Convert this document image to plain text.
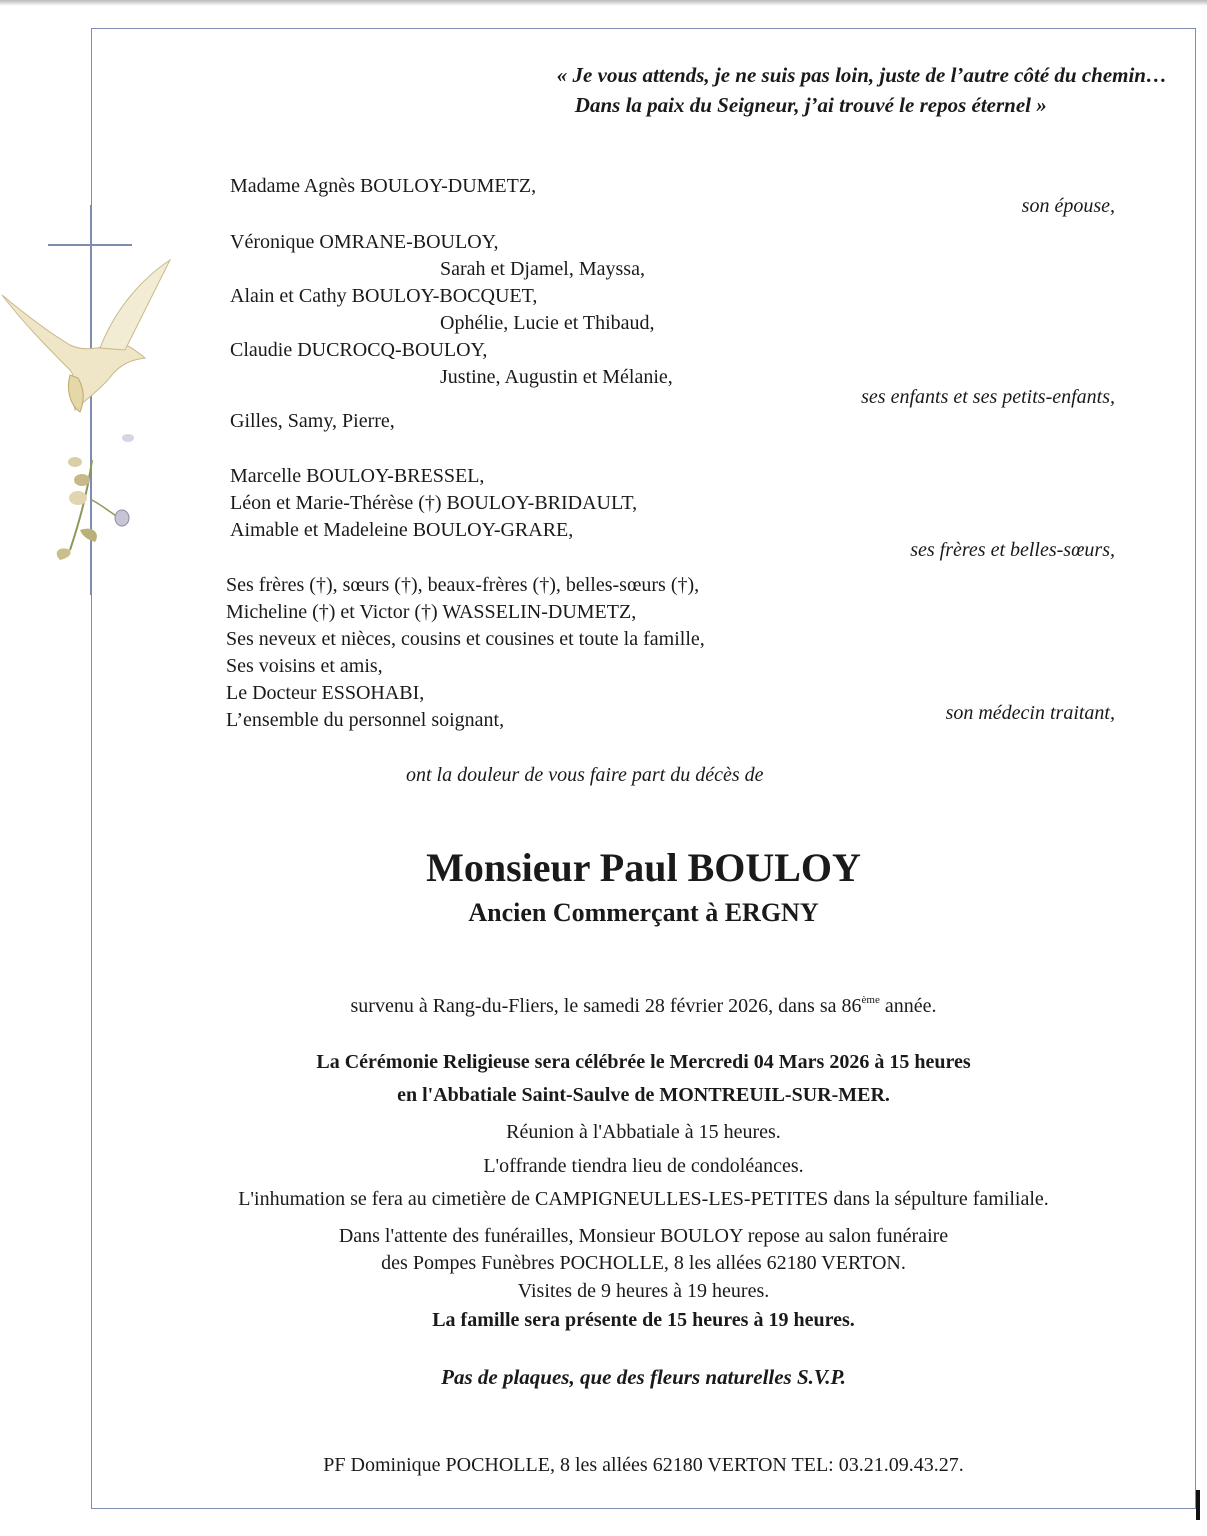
« Je vous attends, je ne suis pas loin, juste de l’autre côté du chemin…
Dans la paix du Seigneur, j’ai trouvé le repos éternel »

Madame Agnès BOULOY-DUMETZ,

son épouse,

Véronique OMRANE-BOULOY,

Sarah et Djamel, Mayssa,

Alain et Cathy BOULOY-BOCQUET,

Ophélie, Lucie et Thibaud,

Claudie DUCROCQ-BOULOY,

Justine, Augustin et Mélanie,

ses enfants et ses petits-enfants,

Gilles, Samy, Pierre,

Marcelle BOULOY-BRESSEL,

Léon et Marie-Thérèse (†) BOULOY-BRIDAULT,

Aimable et Madeleine BOULOY-GRARE,

ses frères et belles-sœurs,

Ses frères (†), sœurs (†), beaux-frères (†), belles-sœurs (†),

Micheline (†) et Victor (†) WASSELIN-DUMETZ,

Ses neveux et nièces, cousins et cousines et toute la famille,

Ses voisins et amis,

Le Docteur ESSOHABI,

son médecin traitant,

L’ensemble du personnel soignant,

ont la douleur de vous faire part du décès de

Monsieur Paul BOULOY
Ancien Commerçant à ERGNY
survenu à Rang-du-Fliers, le samedi 28 février 2026, dans sa 86ème année.
La Cérémonie Religieuse sera célébrée le Mercredi 04 Mars 2026 à 15 heures
en l'Abbatiale Saint-Saulve de MONTREUIL-SUR-MER.
Réunion à l'Abbatiale à 15 heures.
L'offrande tiendra lieu de condoléances.
L'inhumation se fera au cimetière de CAMPIGNEULLES-LES-PETITES dans la sépulture familiale.
Dans l'attente des funérailles, Monsieur BOULOY repose au salon funéraire
des Pompes Funèbres POCHOLLE, 8 les allées 62180 VERTON.
Visites de 9 heures à 19 heures.
La famille sera présente de 15 heures à 19 heures.
Pas de plaques, que des fleurs naturelles S.V.P.
PF Dominique POCHOLLE, 8 les allées 62180 VERTON TEL: 03.21.09.43.27.
